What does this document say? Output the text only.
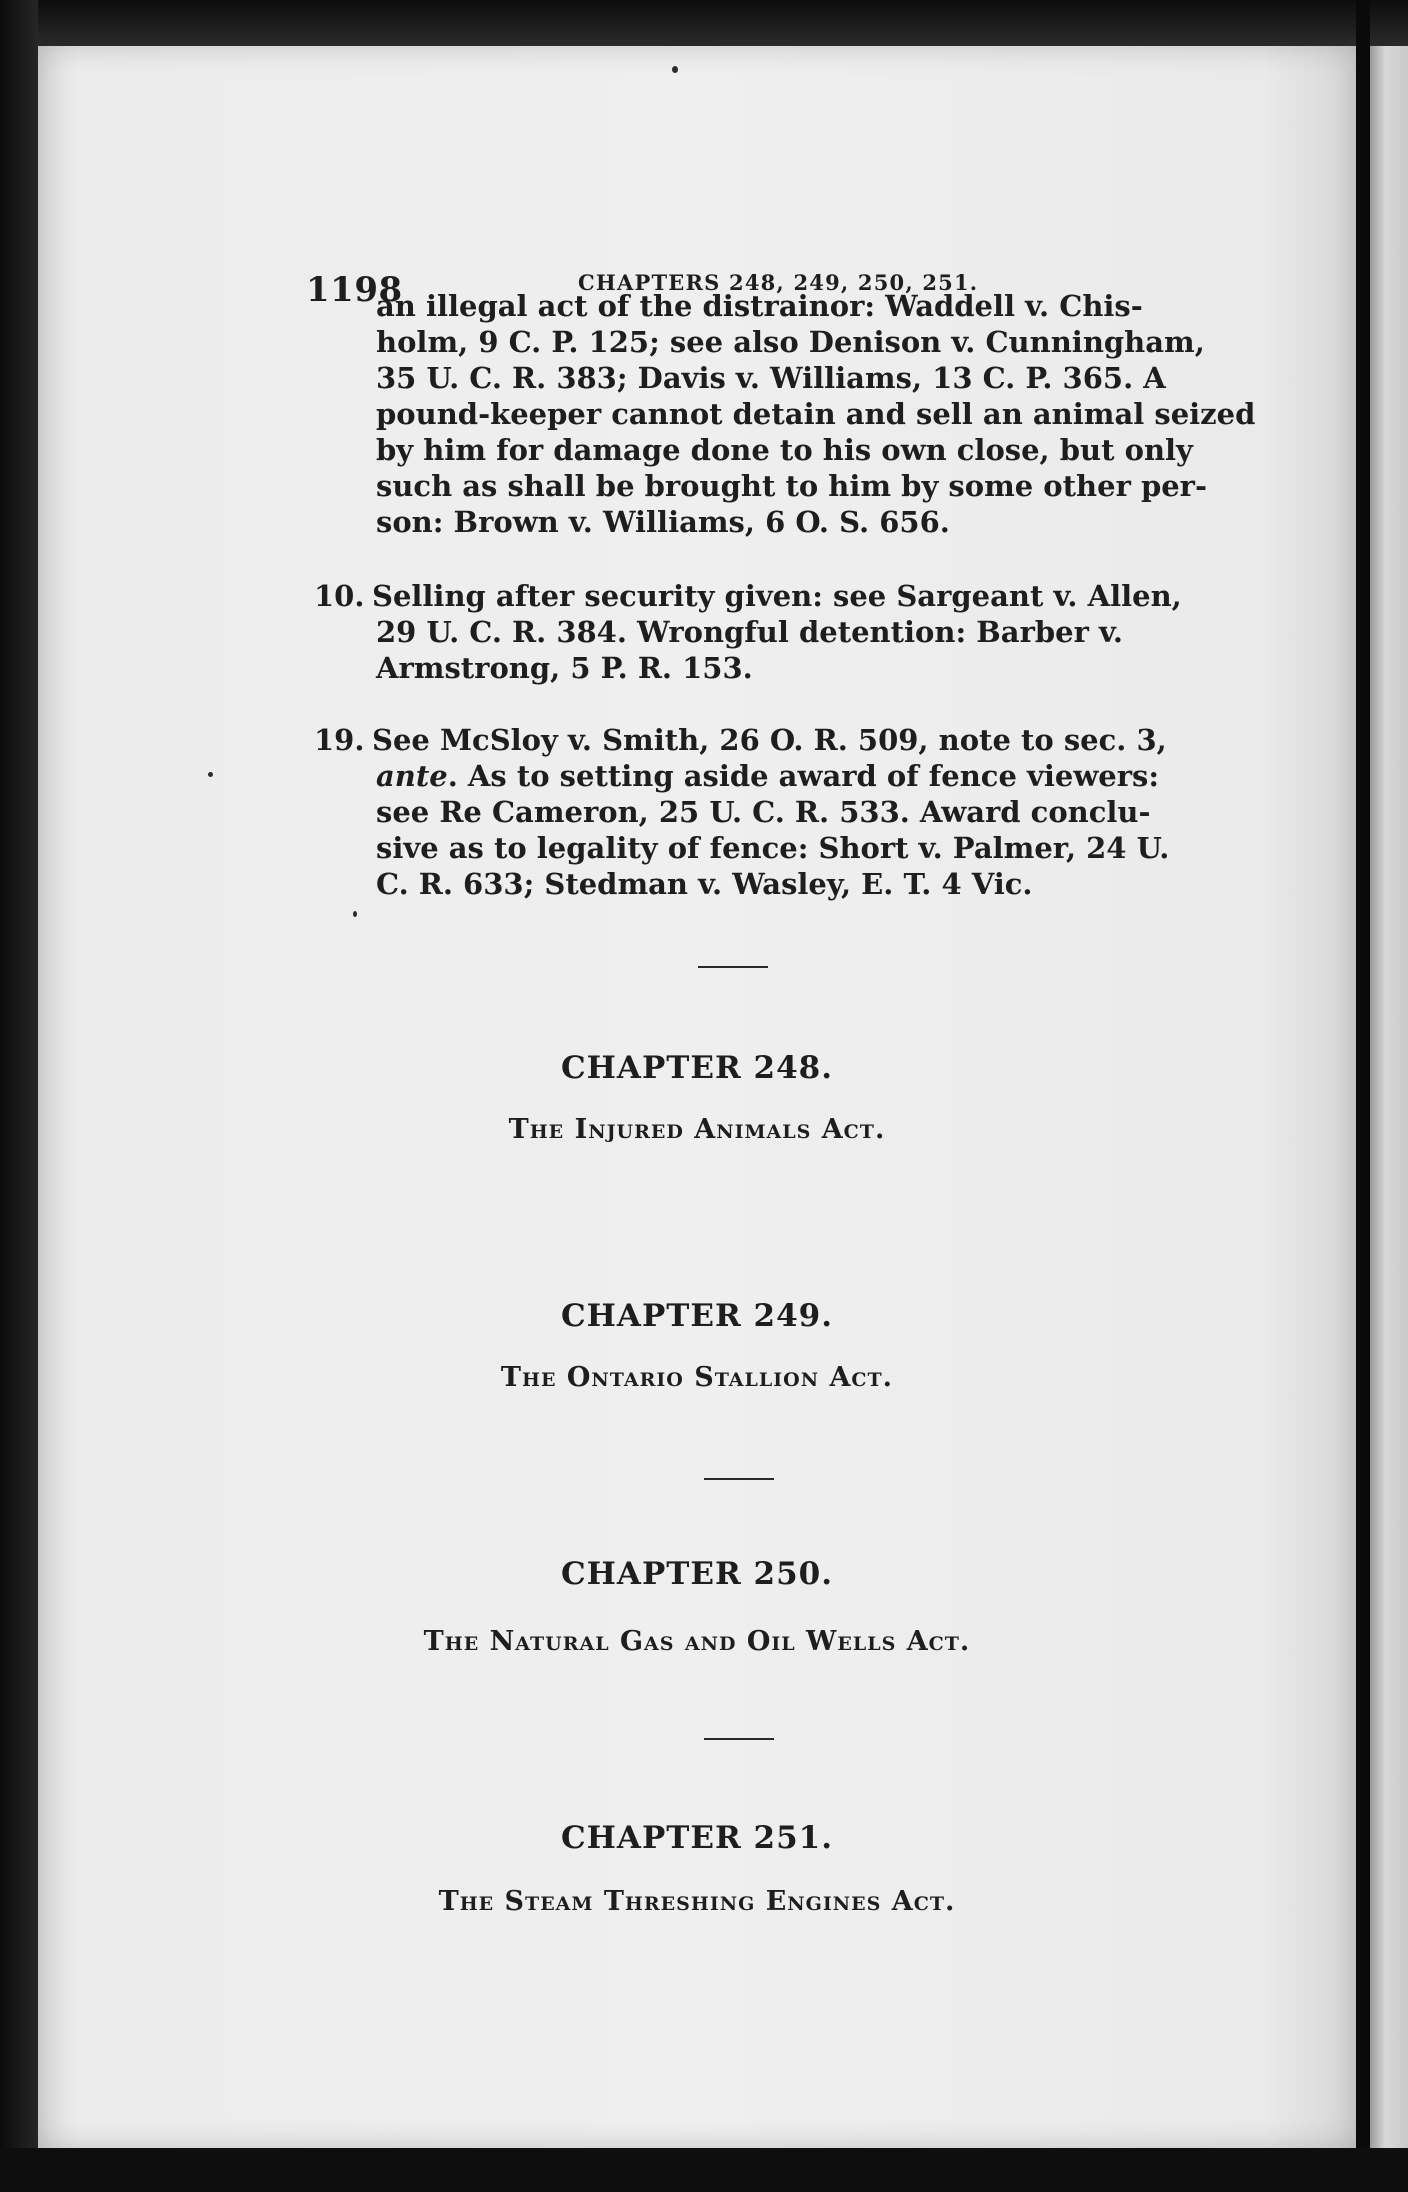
1198	CHAPTERS 248, 249, 250, 251.
an illegal act of the distrainor: Waddell v. Chis-
holm, 9 C. P. 125; see also Denison v. Cunningham,
35 U. C. R. 383; Davis v. Williams, 13 C. P. 365. A
pound-keeper cannot detain and sell an animal seized
by him for damage done to his own close, but only
such as shall be brought to him by some other per-
son: Brown v. Williams, 6 O. S. 656.
10. Selling after security given: see Sargeant v. Allen,
29 U. C. R. 384. Wrongful detention: Barber v.
Armstrong, 5 P. R. 153.
19. See McSloy v. Smith, 26 O. R. 509, note to sec. 3,
ante. As to setting aside award of fence viewers:
see Re Cameron, 25 U. C. R. 533. Award conclu-
sive as to legality of fence: Short v. Palmer, 24 U.
C. R. 633; Stedman v. Wasley, E. T. 4 Vic.
CHAPTER 248.
The Injured Animals Act.
CHAPTER 249.
The Ontario Stallion Act.
CHAPTER 250.
The Natural Gas and Oil Wells Act.
CHAPTER 251.
The Steam Threshing Engines Act.
